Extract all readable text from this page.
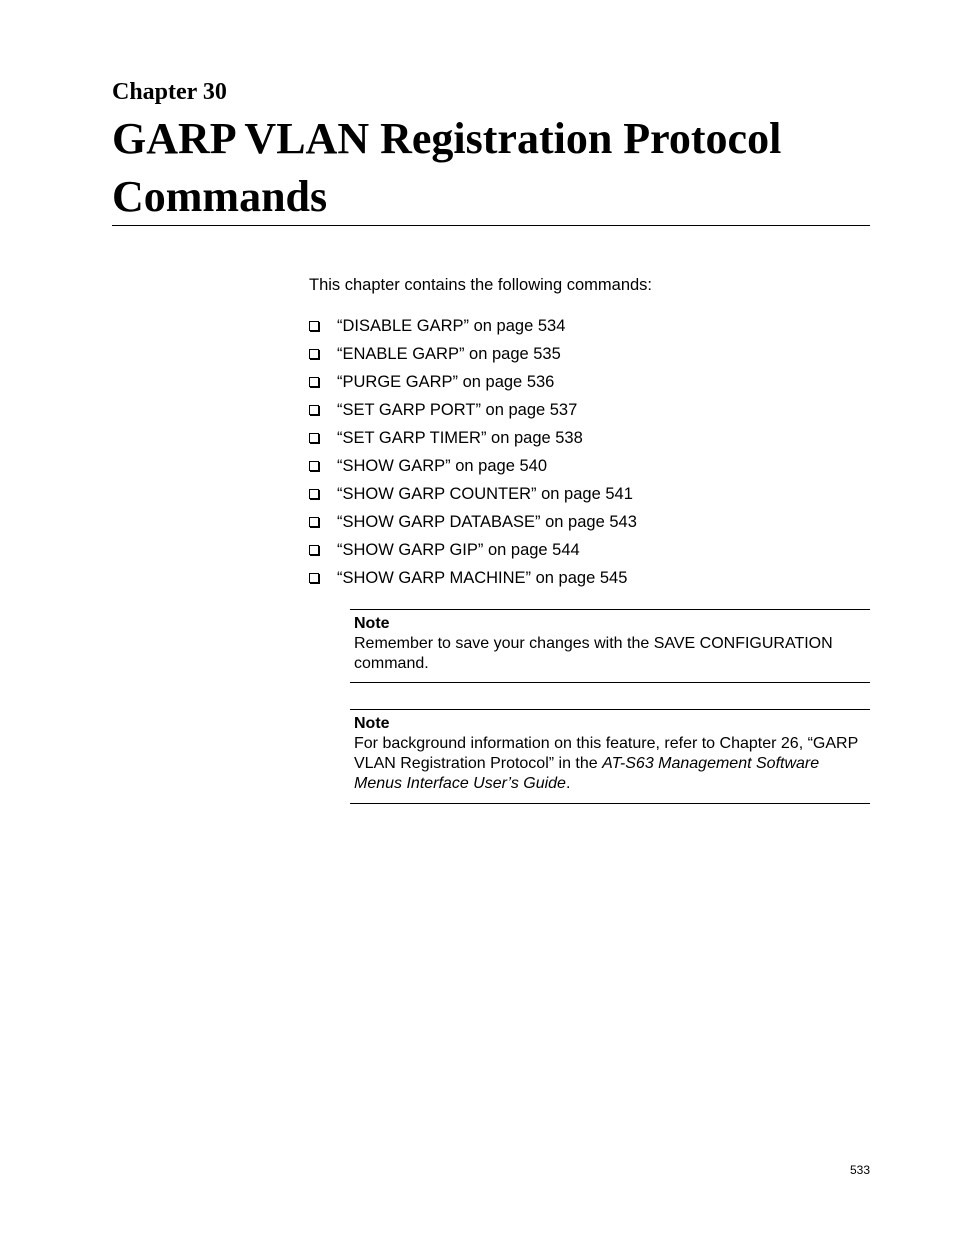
Chapter 30
GARP VLAN Registration Protocol Commands
This chapter contains the following commands:
“DISABLE GARP” on page 534
“ENABLE GARP” on page 535
“PURGE GARP” on page 536
“SET GARP PORT” on page 537
“SET GARP TIMER” on page 538
“SHOW GARP” on page 540
“SHOW GARP COUNTER” on page 541
“SHOW GARP DATABASE” on page 543
“SHOW GARP GIP” on page 544
“SHOW GARP MACHINE” on page 545
Note
Remember to save your changes with the SAVE CONFIGURATION command.
Note
For background information on this feature, refer to Chapter 26, “GARP VLAN Registration Protocol” in the AT-S63 Management Software Menus Interface User’s Guide.
533
